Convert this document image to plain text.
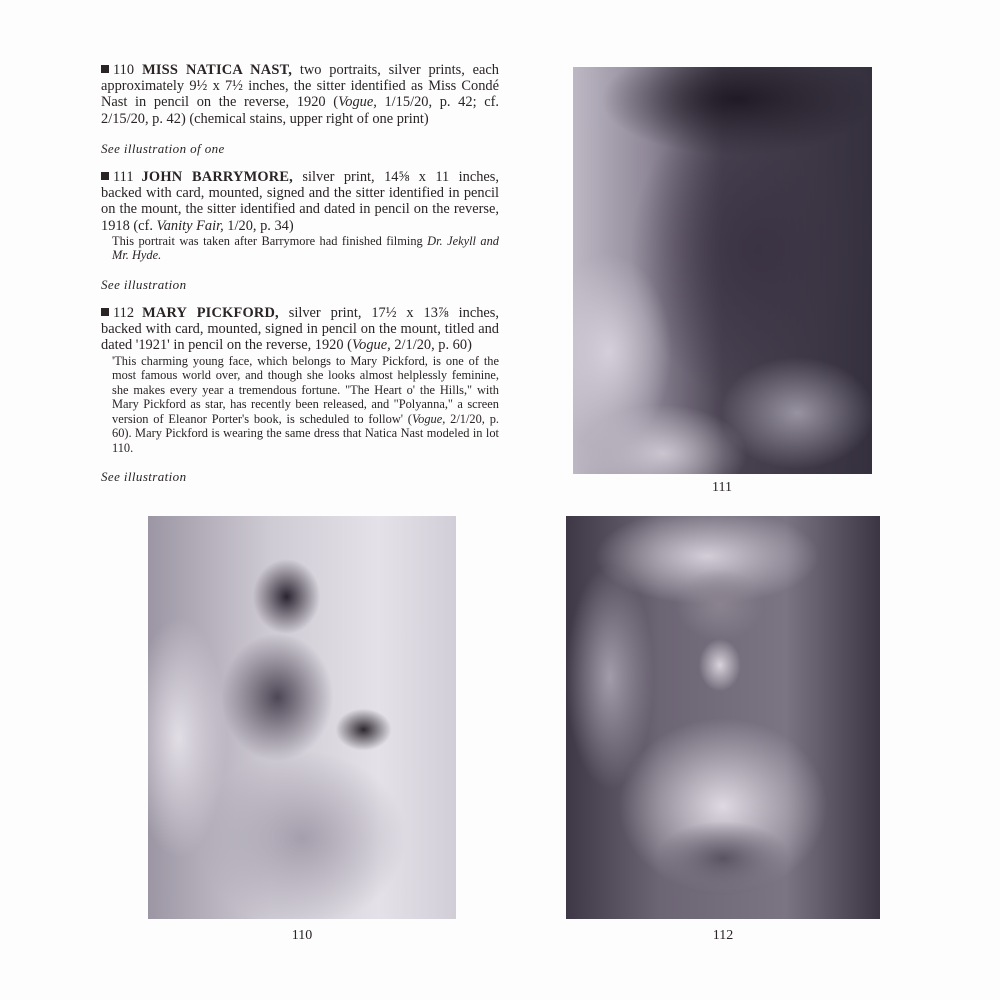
110 MISS NATICA NAST, two portraits, silver prints, each approximately 9½ x 7½ inches, the sitter identified as Miss Condé Nast in pencil on the reverse, 1920 (Vogue, 1/15/20, p. 42; cf. 2/15/20, p. 42) (chemical stains, upper right of one print)

See illustration of one

111 JOHN BARRYMORE, silver print, 14⅝ x 11 inches, backed with card, mounted, signed and the sitter identified in pencil on the mount, the sitter identified and dated in pencil on the reverse, 1918 (cf. Vanity Fair, 1/20, p. 34)

This portrait was taken after Barrymore had finished filming Dr. Jekyll and Mr. Hyde.

See illustration

112 MARY PICKFORD, silver print, 17½ x 13⅞ inches, backed with card, mounted, signed in pencil on the mount, titled and dated '1921' in pencil on the reverse, 1920 (Vogue, 2/1/20, p. 60)

'This charming young face, which belongs to Mary Pickford, is one of the most famous world over, and though she looks almost helplessly feminine, she makes every year a tremendous fortune. "The Heart o' the Hills," with Mary Pickford as star, has recently been released, and "Polyanna," a screen version of Eleanor Porter's book, is scheduled to follow' (Vogue, 2/1/20, p. 60). Mary Pickford is wearing the same dress that Natica Nast modeled in lot 110.

See illustration

111
110	112
